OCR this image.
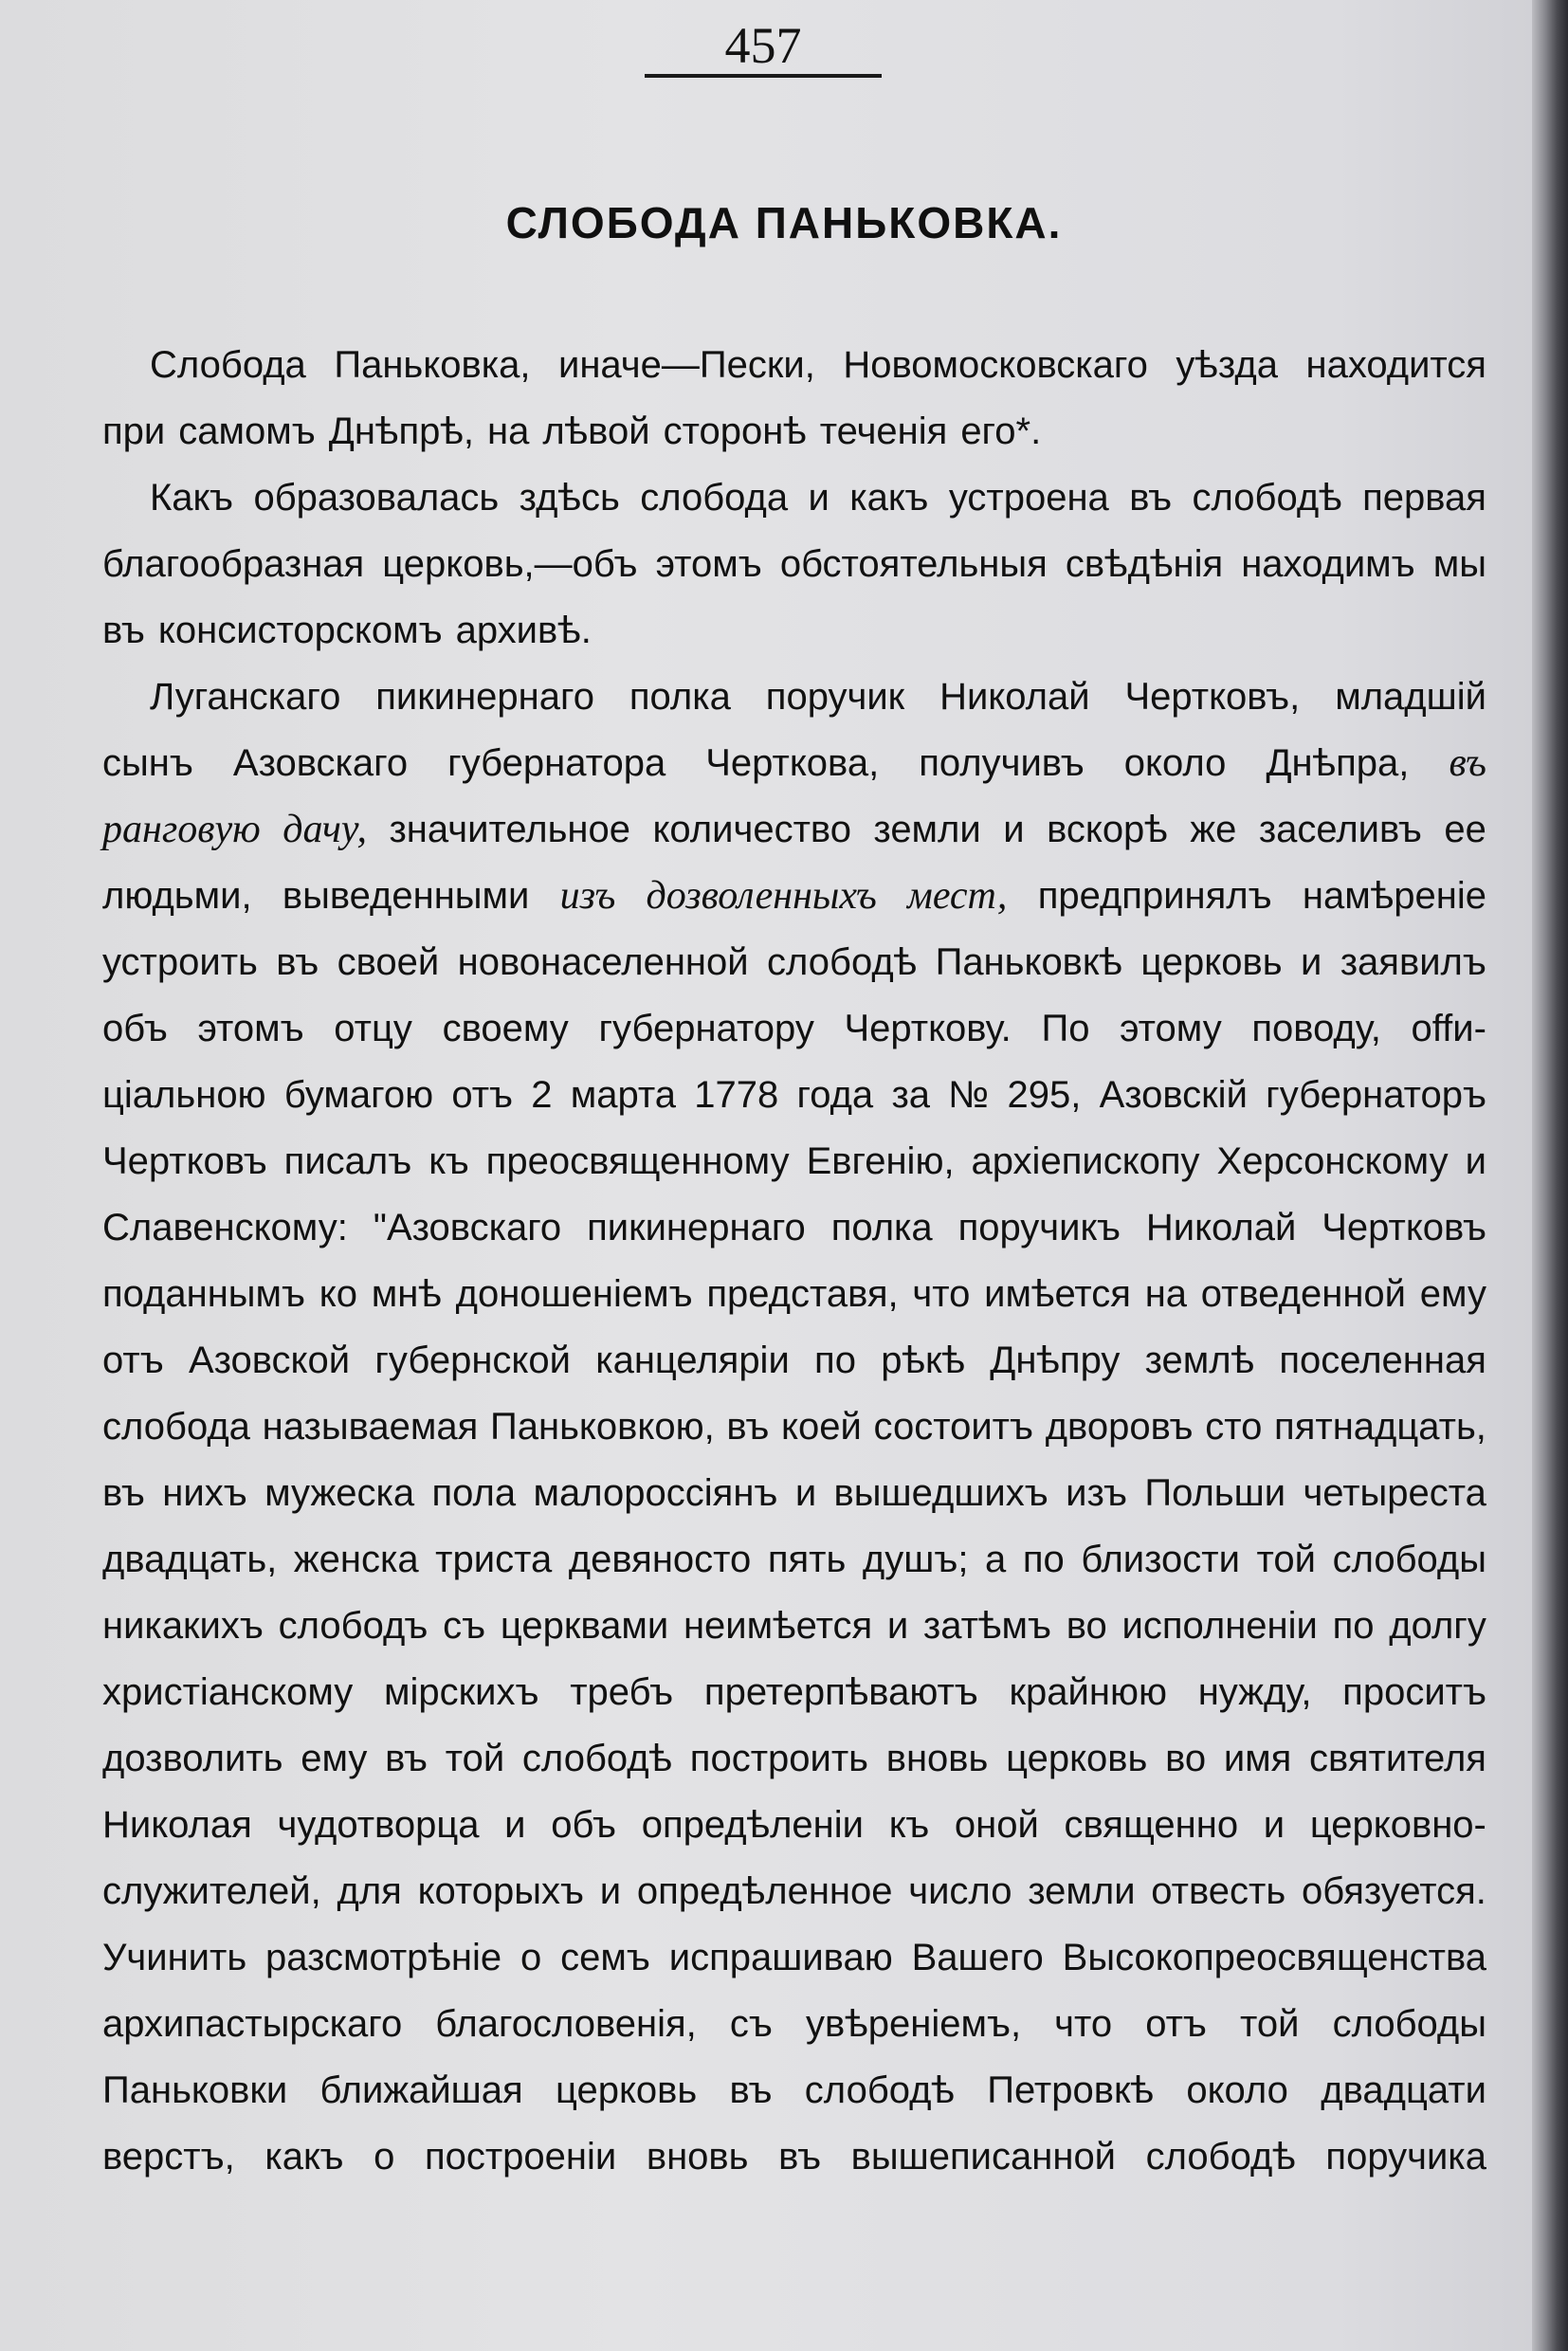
457
СЛОБОДА ПАНЬКОВКА.
Слобода Паньковка, иначе—Пески, Новомосковскаго уѣзда находится
при самомъ Днѣпрѣ, на лѣвой сторонѣ теченія его*.
Какъ образовалась здѣсь слобода и какъ устроена въ слободѣ первая
благообразная церковь,—объ этомъ обстоятельныя свѣдѣнія находимъ мы
въ консисторскомъ архивѣ.
Луганскаго пикинернаго полка поручик Николай Чертковъ, младшій
сынъ Азовскаго губернатора Черткова, получивъ около Днѣпра, въ
ранговую дачу, значительное количество земли и вскорѣ же заселивъ ее
людьми, выведенными изъ дозволенныхъ мест, предпринялъ намѣреніе
устроить въ своей новонаселенной слободѣ Паньковкѣ церковь и заявилъ
объ этомъ отцу своему губернатору Черткову. По этому поводу, offи-
ціальною бумагою отъ 2 марта 1778 года за № 295, Азовскій губернаторъ
Чертковъ писалъ къ преосвященному Евгенію, архіепископу Херсонскому и
Славенскому: "Азовскаго пикинернаго полка поручикъ Николай Чертковъ
поданнымъ ко мнѣ доношеніемъ представя, что имѣется на отведенной ему
отъ Азовской губернской канцеляріи по рѣкѣ Днѣпру землѣ поселенная
слобода называемая Паньковкою, въ коей состоитъ дворовъ сто пятнадцать,
въ нихъ мужеска пола малороссіянъ и вышедшихъ изъ Польши четыреста
двадцать, женска триста девяносто пять душъ; а по близости той слободы
никакихъ слободъ съ церквами неимѣется и затѣмъ во исполненіи по долгу
христіанскому мірскихъ требъ претерпѣваютъ крайнюю нужду, проситъ
дозволить ему въ той слободѣ построить вновь церковь во имя святителя
Николая чудотворца и объ опредѣленіи къ оной священно и церковно-
служителей, для которыхъ и опредѣленное число земли отвесть обязуется.
Учинить разсмотрѣніе о семъ испрашиваю Вашего Высокопреосвященства
архипастырскаго благословенія, съ увѣреніемъ, что отъ той слободы
Паньковки ближайшая церковь въ слободѣ Петровкѣ около двадцати
верстъ, какъ о построеніи вновь въ вышеписанной слободѣ поручика
